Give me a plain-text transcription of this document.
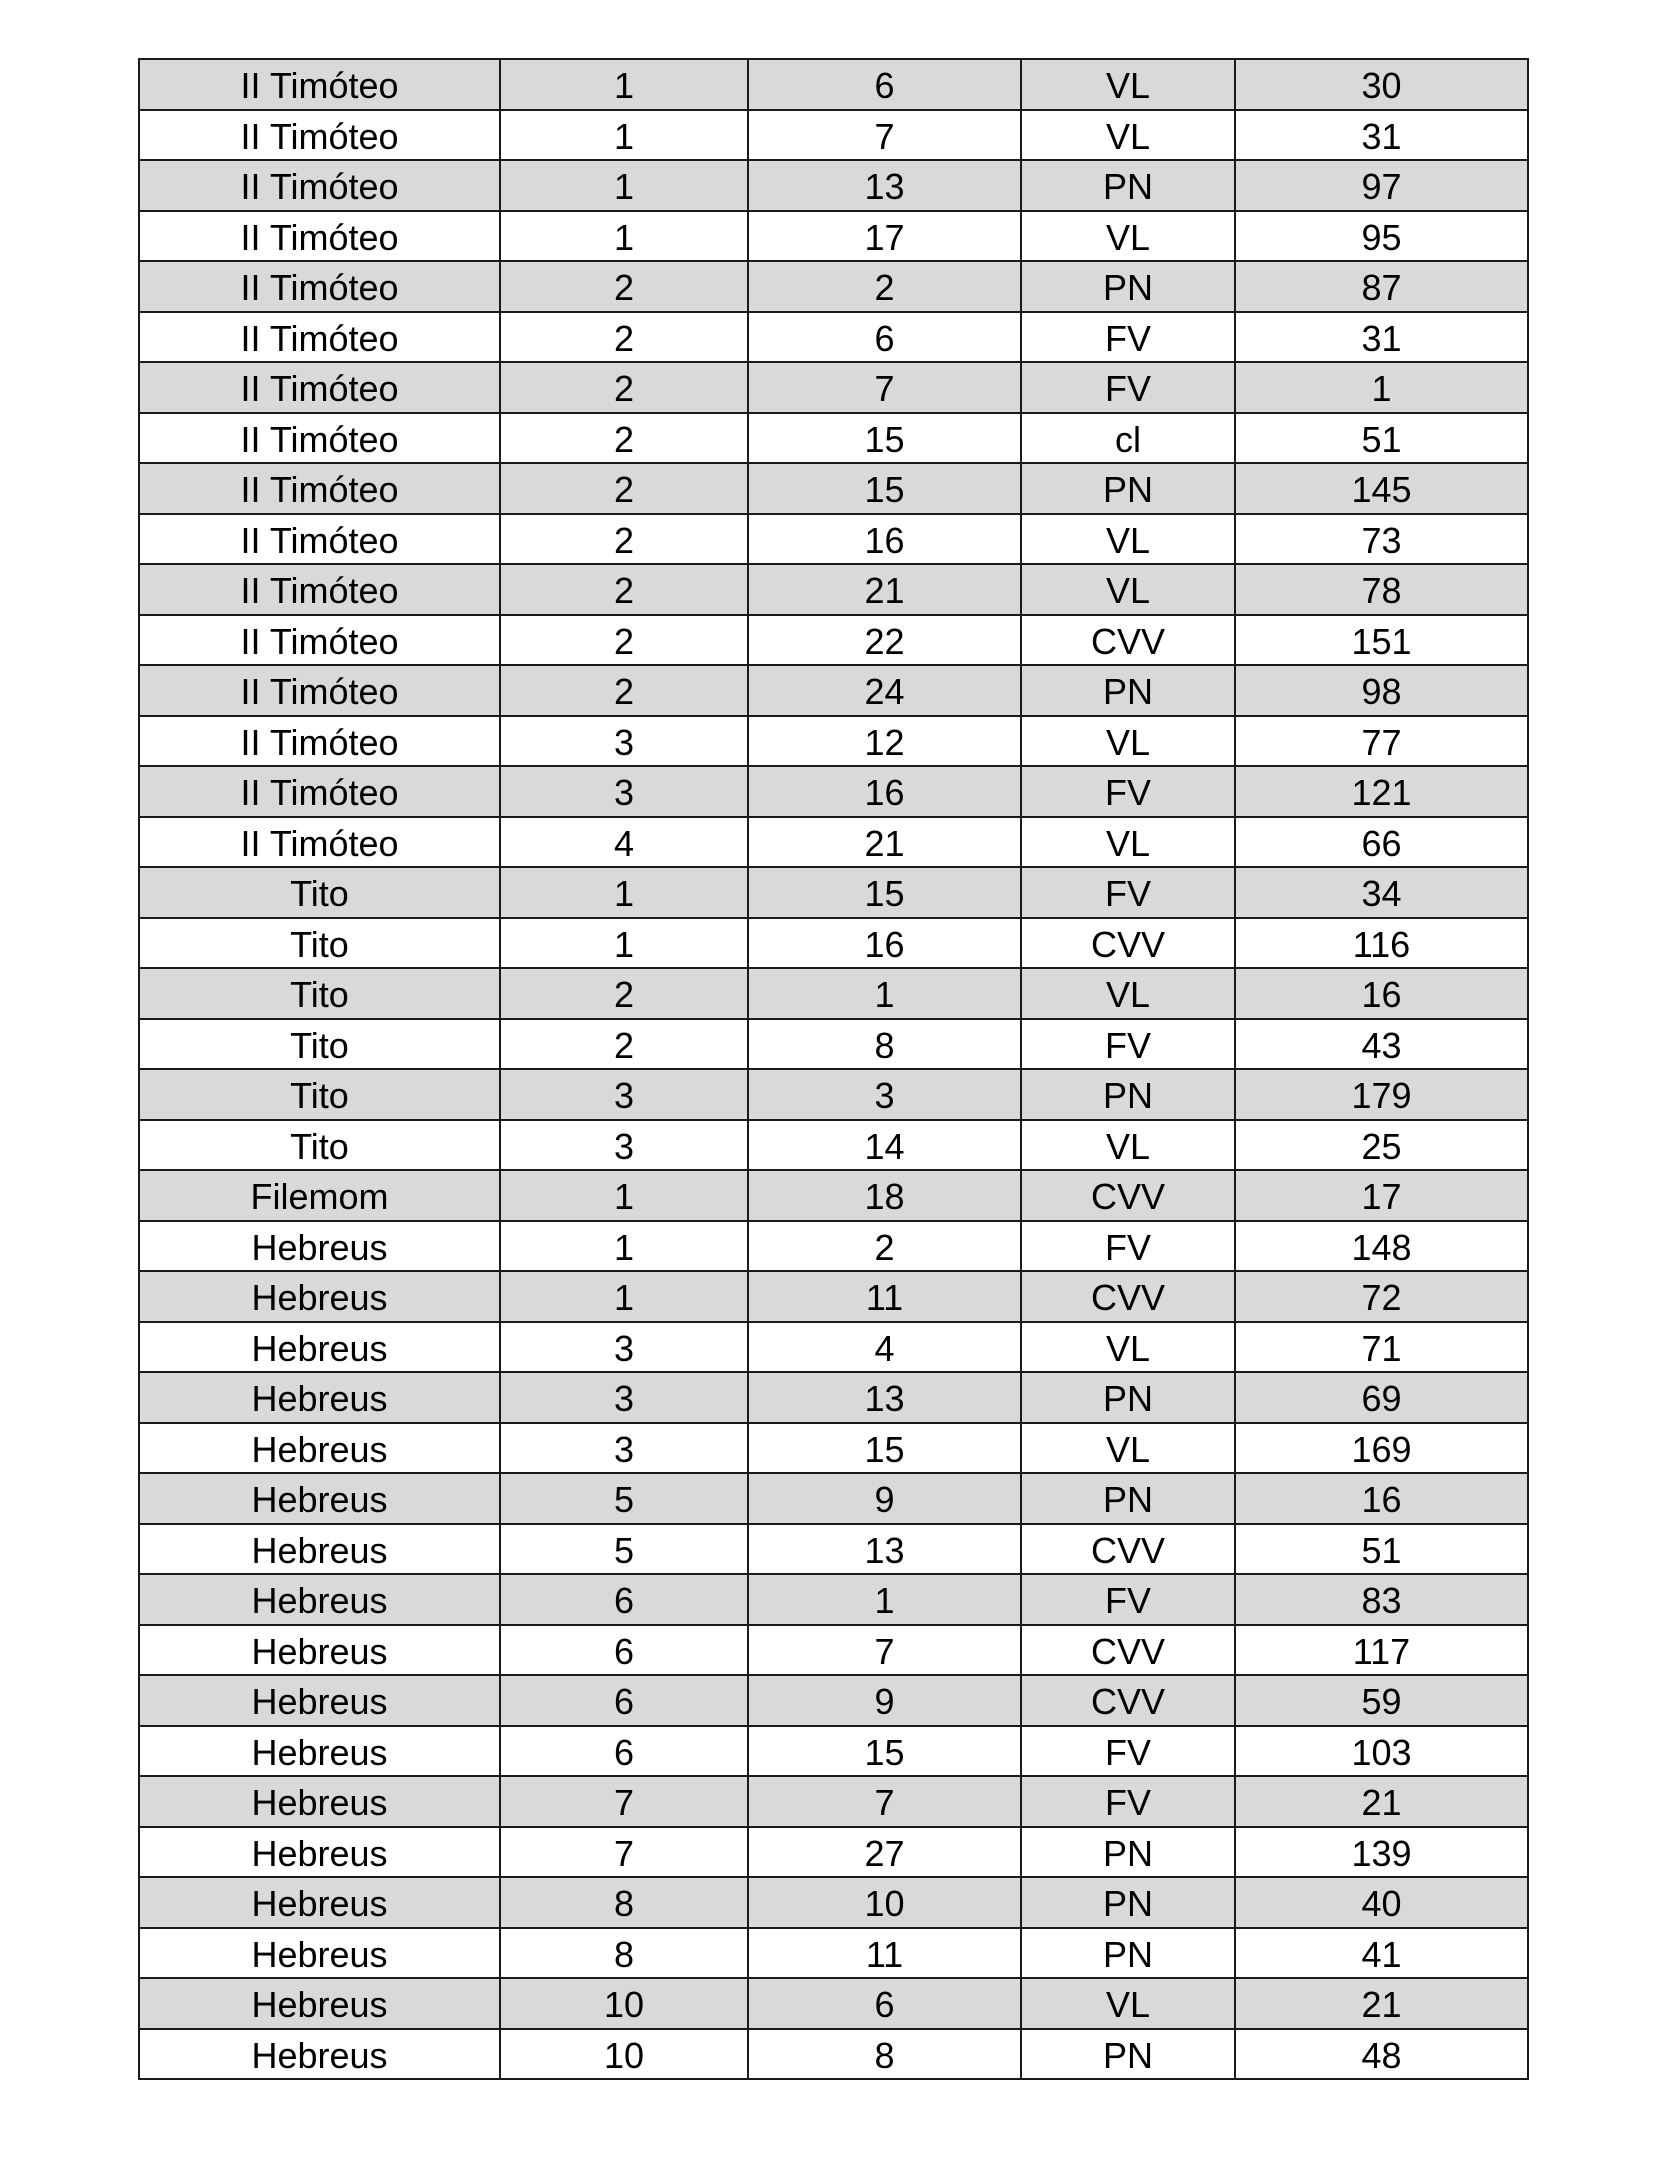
II Timóteo	1	6	VL	30
II Timóteo	1	7	VL	31
II Timóteo	1	13	PN	97
II Timóteo	1	17	VL	95
II Timóteo	2	2	PN	87
II Timóteo	2	6	FV	31
II Timóteo	2	7	FV	1
II Timóteo	2	15	cl	51
II Timóteo	2	15	PN	145
II Timóteo	2	16	VL	73
II Timóteo	2	21	VL	78
II Timóteo	2	22	CVV	151
II Timóteo	2	24	PN	98
II Timóteo	3	12	VL	77
II Timóteo	3	16	FV	121
II Timóteo	4	21	VL	66
Tito	1	15	FV	34
Tito	1	16	CVV	116
Tito	2	1	VL	16
Tito	2	8	FV	43
Tito	3	3	PN	179
Tito	3	14	VL	25
Filemom	1	18	CVV	17
Hebreus	1	2	FV	148
Hebreus	1	11	CVV	72
Hebreus	3	4	VL	71
Hebreus	3	13	PN	69
Hebreus	3	15	VL	169
Hebreus	5	9	PN	16
Hebreus	5	13	CVV	51
Hebreus	6	1	FV	83
Hebreus	6	7	CVV	117
Hebreus	6	9	CVV	59
Hebreus	6	15	FV	103
Hebreus	7	7	FV	21
Hebreus	7	27	PN	139
Hebreus	8	10	PN	40
Hebreus	8	11	PN	41
Hebreus	10	6	VL	21
Hebreus	10	8	PN	48
